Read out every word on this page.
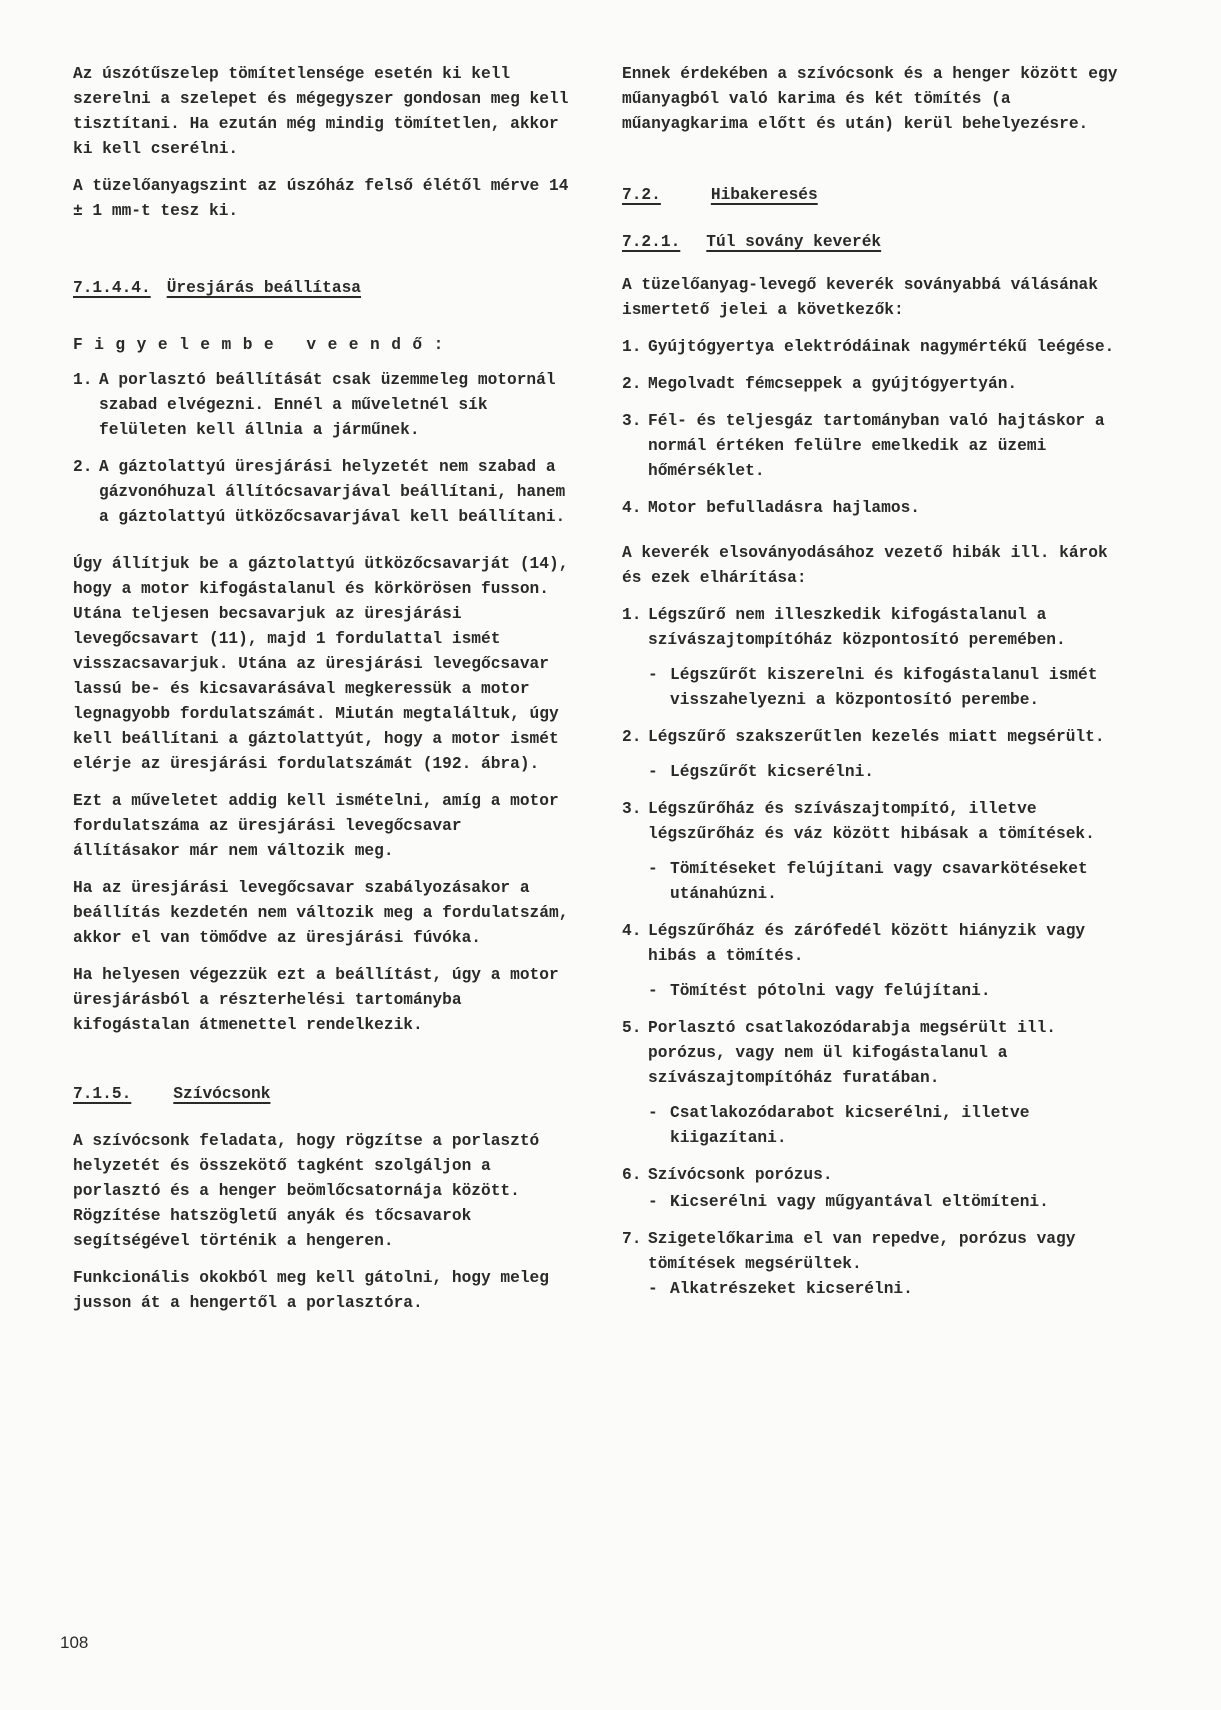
Az úszótűszelep tömítetlensége esetén ki kell szerelni a szelepet és mégegyszer gondosan meg kell tisztítani. Ha ezután még mindig tömítetlen, akkor ki kell cserélni.

A tüzelőanyagszint az úszóház felső élétől mérve 14 ± 1 mm-t tesz ki.

7.1.4.4. Üresjárás beállítasa

Figyelembe veendő:

1. A porlasztó beállítását csak üzemmeleg motornál szabad elvégezni. Ennél a műveletnél sík felületen kell állnia a járműnek.
2. A gáztolattyú üresjárási helyzetét nem szabad a gázvonóhuzal állítócsavarjával beállítani, hanem a gáztolattyú ütközőcsavarjával kell beállítani.

Úgy állítjuk be a gáztolattyú ütközőcsavarját (14), hogy a motor kifogástalanul és körkörösen fusson. Utána teljesen becsavarjuk az üresjárási levegőcsavart (11), majd 1 fordulattal ismét visszacsavarjuk. Utána az üresjárási levegőcsavar lassú be- és kicsavarásával megkeressük a motor legnagyobb fordulatszámát. Miután megtaláltuk, úgy kell beállítani a gáztolattyút, hogy a motor ismét elérje az üresjárási fordulatszámát (192. ábra).

Ezt a műveletet addig kell ismételni, amíg a motor fordulatszáma az üresjárási levegőcsavar állításakor már nem változik meg.

Ha az üresjárási levegőcsavar szabályozásakor a beállítás kezdetén nem változik meg a fordulatszám, akkor el van tömődve az üresjárási fúvóka.

Ha helyesen végezzük ezt a beállítást, úgy a motor üresjárásból a részterhelési tartományba kifogástalan átmenettel rendelkezik.

7.1.5.	Szívócsonk

A szívócsonk feladata, hogy rögzítse a porlasztó helyzetét és összekötő tagként szolgáljon a porlasztó és a henger beömlőcsatornája között. Rögzítése hatszögletű anyák és tőcsavarok segítségével történik a hengeren.

Funkcionális okokból meg kell gátolni, hogy meleg jusson át a hengertől a porlasztóra.

Ennek érdekében a szívócsonk és a henger között egy műanyagból való karima és két tömítés (a műanyagkarima előtt és után) kerül behelyezésre.

7.2.	Hibakeresés
7.2.1. Túl sovány keverék

A tüzelőanyag-levegő keverék soványabbá válásának ismertető jelei a következők:

1. Gyújtógyertya elektródáinak nagymértékű leégése.
2. Megolvadt fémcseppek a gyújtógyertyán.
3. Fél- és teljesgáz tartományban való hajtáskor a normál értéken felülre emelkedik az üzemi hőmérséklet.
4. Motor befulladásra hajlamos.

A keverék elsoványodásához vezető hibák ill. károk és ezek elhárítása:

1. Légszűrő nem illeszkedik kifogástalanul a szívászajtompítóház központosító peremében.
- Légszűrőt kiszerelni és kifogástalanul ismét visszahelyezni a központosító perembe.
2. Légszűrő szakszerűtlen kezelés miatt megsérült.
- Légszűrőt kicserélni.
3. Légszűrőház és szívászajtompító, illetve légszűrőház és váz között hibásak a tömítések.
- Tömítéseket felújítani vagy csavarkötéseket utánahúzni.
4. Légszűrőház és zárófedél között hiányzik vagy hibás a tömítés.
- Tömítést pótolni vagy felújítani.
5. Porlasztó csatlakozódarabja megsérült ill. porózus, vagy nem ül kifogástalanul a szívászajtompítóház furatában.
- Csatlakozódarabot kicserélni, illetve kiigazítani.
6. Szívócsonk porózus.
- Kicserélni vagy műgyantával eltömíteni.
7. Szigetelőkarima el van repedve, porózus vagy tömítések megsérültek.
- Alkatrészeket kicserélni.
108
